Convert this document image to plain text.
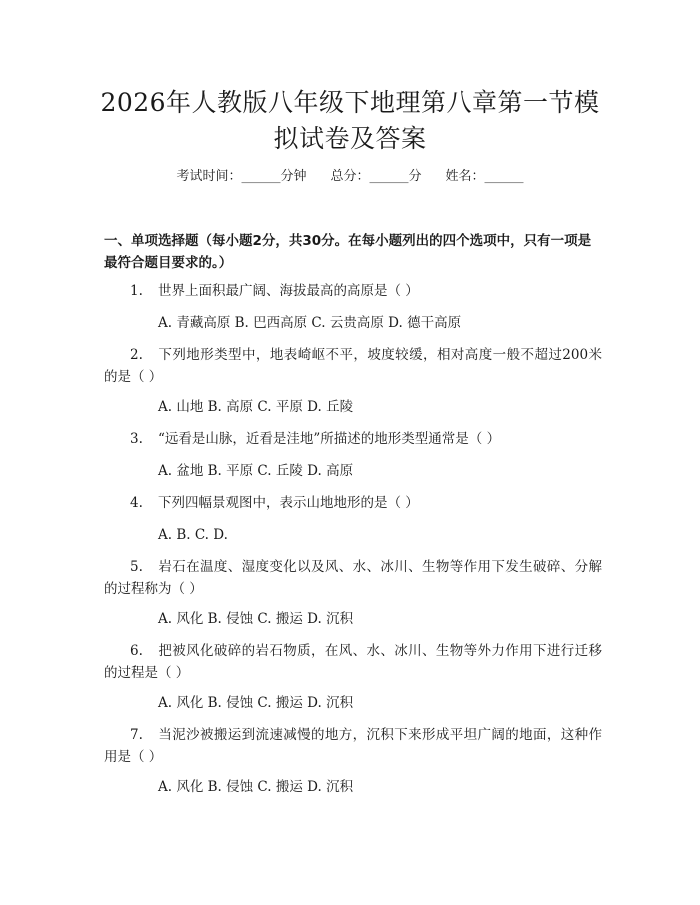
2026年人教版八年级下地理第八章第一节模
拟试卷及答案
考试时间：______分钟 总分：______分 姓名：______
一、单项选择题（每小题2分，共30分。在每小题列出的四个选项中，只有一项是最符合题目要求的。）
1. 世界上面积最广阔、海拔最高的高原是（ ）
A. 青藏高原 B. 巴西高原 C. 云贵高原 D. 德干高原
2. 下列地形类型中，地表崎岖不平，坡度较缓，相对高度一般不超过200米的是（ ）
A. 山地 B. 高原 C. 平原 D. 丘陵
3. “远看是山脉，近看是洼地”所描述的地形类型通常是（ ）
A. 盆地 B. 平原 C. 丘陵 D. 高原
4. 下列四幅景观图中，表示山地地形的是（ ）
A. B. C. D.
5. 岩石在温度、湿度变化以及风、水、冰川、生物等作用下发生破碎、分解的过程称为（ ）
A. 风化 B. 侵蚀 C. 搬运 D. 沉积
6. 把被风化破碎的岩石物质，在风、水、冰川、生物等外力作用下进行迁移的过程是（ ）
A. 风化 B. 侵蚀 C. 搬运 D. 沉积
7. 当泥沙被搬运到流速减慢的地方，沉积下来形成平坦广阔的地面，这种作用是（ ）
A. 风化 B. 侵蚀 C. 搬运 D. 沉积
